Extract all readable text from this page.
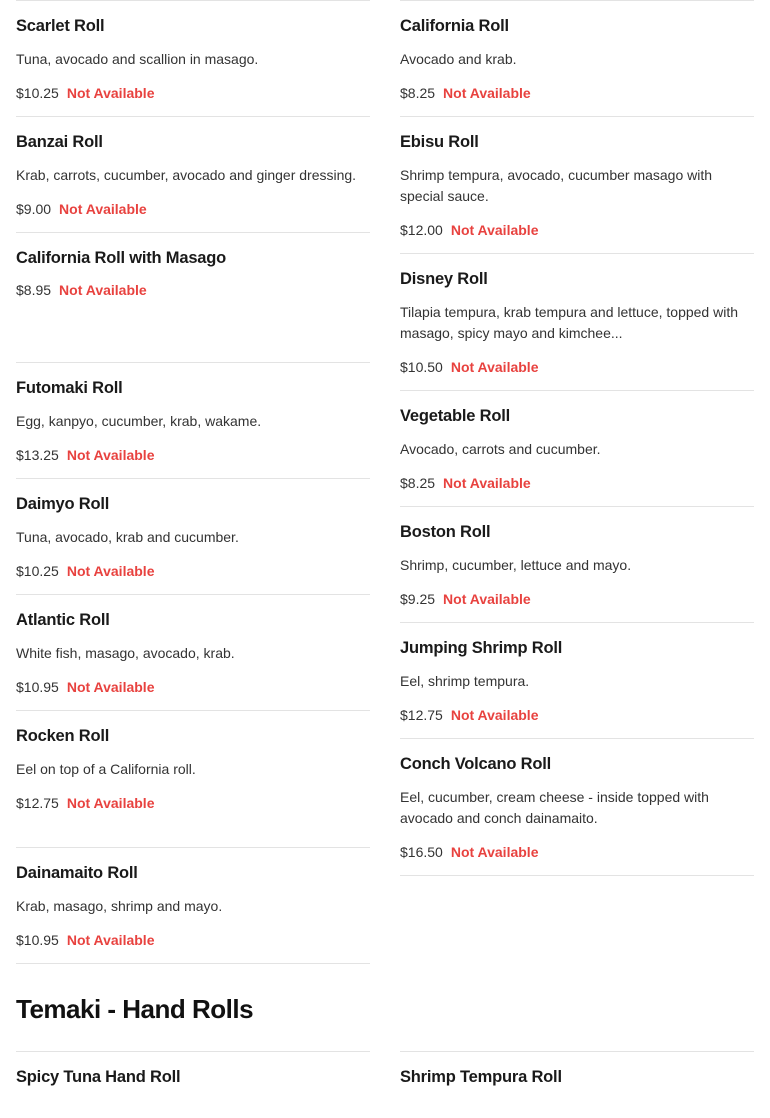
Scarlet Roll
Tuna, avocado and scallion in masago.
$10.25 Not Available
Banzai Roll
Krab, carrots, cucumber, avocado and ginger dressing.
$9.00 Not Available
California Roll with Masago
$8.95 Not Available
Futomaki Roll
Egg, kanpyo, cucumber, krab, wakame.
$13.25 Not Available
Daimyo Roll
Tuna, avocado, krab and cucumber.
$10.25 Not Available
Atlantic Roll
White fish, masago, avocado, krab.
$10.95 Not Available
Rocken Roll
Eel on top of a California roll.
$12.75 Not Available
Dainamaito Roll
Krab, masago, shrimp and mayo.
$10.95 Not Available
California Roll
Avocado and krab.
$8.25 Not Available
Ebisu Roll
Shrimp tempura, avocado, cucumber masago with special sauce.
$12.00 Not Available
Disney Roll
Tilapia tempura, krab tempura and lettuce, topped with masago, spicy mayo and kimchee...
$10.50 Not Available
Vegetable Roll
Avocado, carrots and cucumber.
$8.25 Not Available
Boston Roll
Shrimp, cucumber, lettuce and mayo.
$9.25 Not Available
Jumping Shrimp Roll
Eel, shrimp tempura.
$12.75 Not Available
Conch Volcano Roll
Eel, cucumber, cream cheese - inside topped with avocado and conch dainamaito.
$16.50 Not Available
Temaki - Hand Rolls
Spicy Tuna Hand Roll	Shrimp Tempura Roll
